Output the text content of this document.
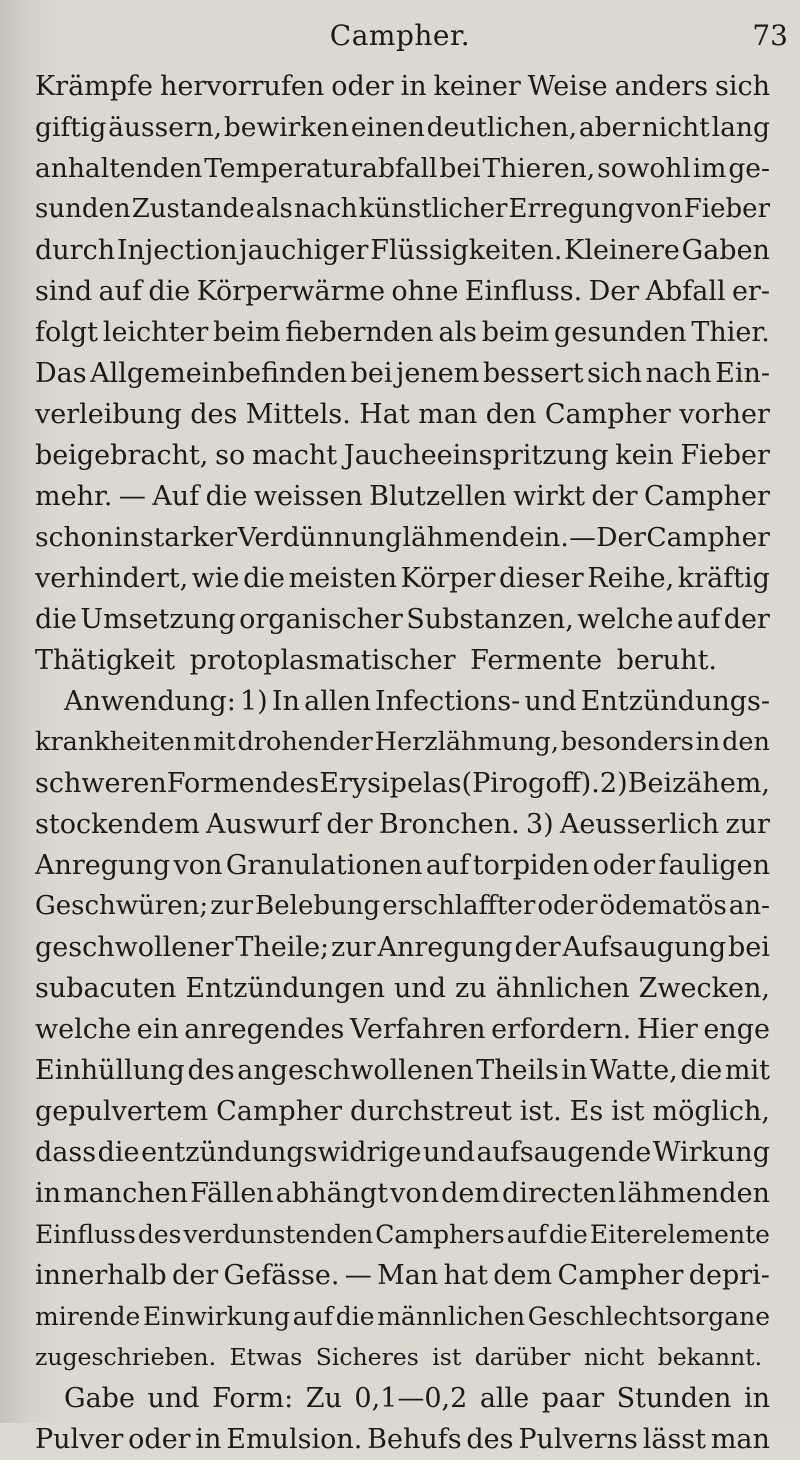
Campher.	73
Krämpfe hervorrufen oder in keiner Weise anders sich
giftig äussern, bewirken einen deutlichen, aber nicht lang
anhaltenden Temperaturabfall bei Thieren, sowohl im ge-
sunden Zustande als nach künstlicher Erregung von Fieber
durch Injection jauchiger Flüssigkeiten. Kleinere Gaben
sind auf die Körperwärme ohne Einfluss. Der Abfall er-
folgt leichter beim fiebernden als beim gesunden Thier.
Das Allgemeinbefinden bei jenem bessert sich nach Ein-
verleibung des Mittels. Hat man den Campher vorher
beigebracht, so macht Jaucheeinspritzung kein Fieber
mehr. — Auf die weissen Blutzellen wirkt der Campher
schon in starker Verdünnung lähmend ein. — Der Campher
verhindert, wie die meisten Körper dieser Reihe, kräftig
die Umsetzung organischer Substanzen, welche auf der
Thätigkeit protoplasmatischer Fermente beruht.
Anwendung: 1) In allen Infections- und Entzündungs-
krankheiten mit drohender Herzlähmung, besonders in den
schweren Formen des Erysipelas (Pirogoff). 2) Bei zähem,
stockendem Auswurf der Bronchen. 3) Aeusserlich zur
Anregung von Granulationen auf torpiden oder fauligen
Geschwüren; zur Belebung erschlaffter oder ödematös an-
geschwollener Theile; zur Anregung der Aufsaugung bei
subacuten Entzündungen und zu ähnlichen Zwecken,
welche ein anregendes Verfahren erfordern. Hier enge
Einhüllung des angeschwollenen Theils in Watte, die mit
gepulvertem Campher durchstreut ist. Es ist möglich,
dass die entzündungswidrige und aufsaugende Wirkung
in manchen Fällen abhängt von dem directen lähmenden
Einfluss des verdunstenden Camphers auf die Eiterelemente
innerhalb der Gefässe. — Man hat dem Campher depri-
mirende Einwirkung auf die männlichen Geschlechtsorgane
zugeschrieben. Etwas Sicheres ist darüber nicht bekannt.
Gabe und Form: Zu 0,1—0,2 alle paar Stunden in
Pulver oder in Emulsion. Behufs des Pulverns lässt man
